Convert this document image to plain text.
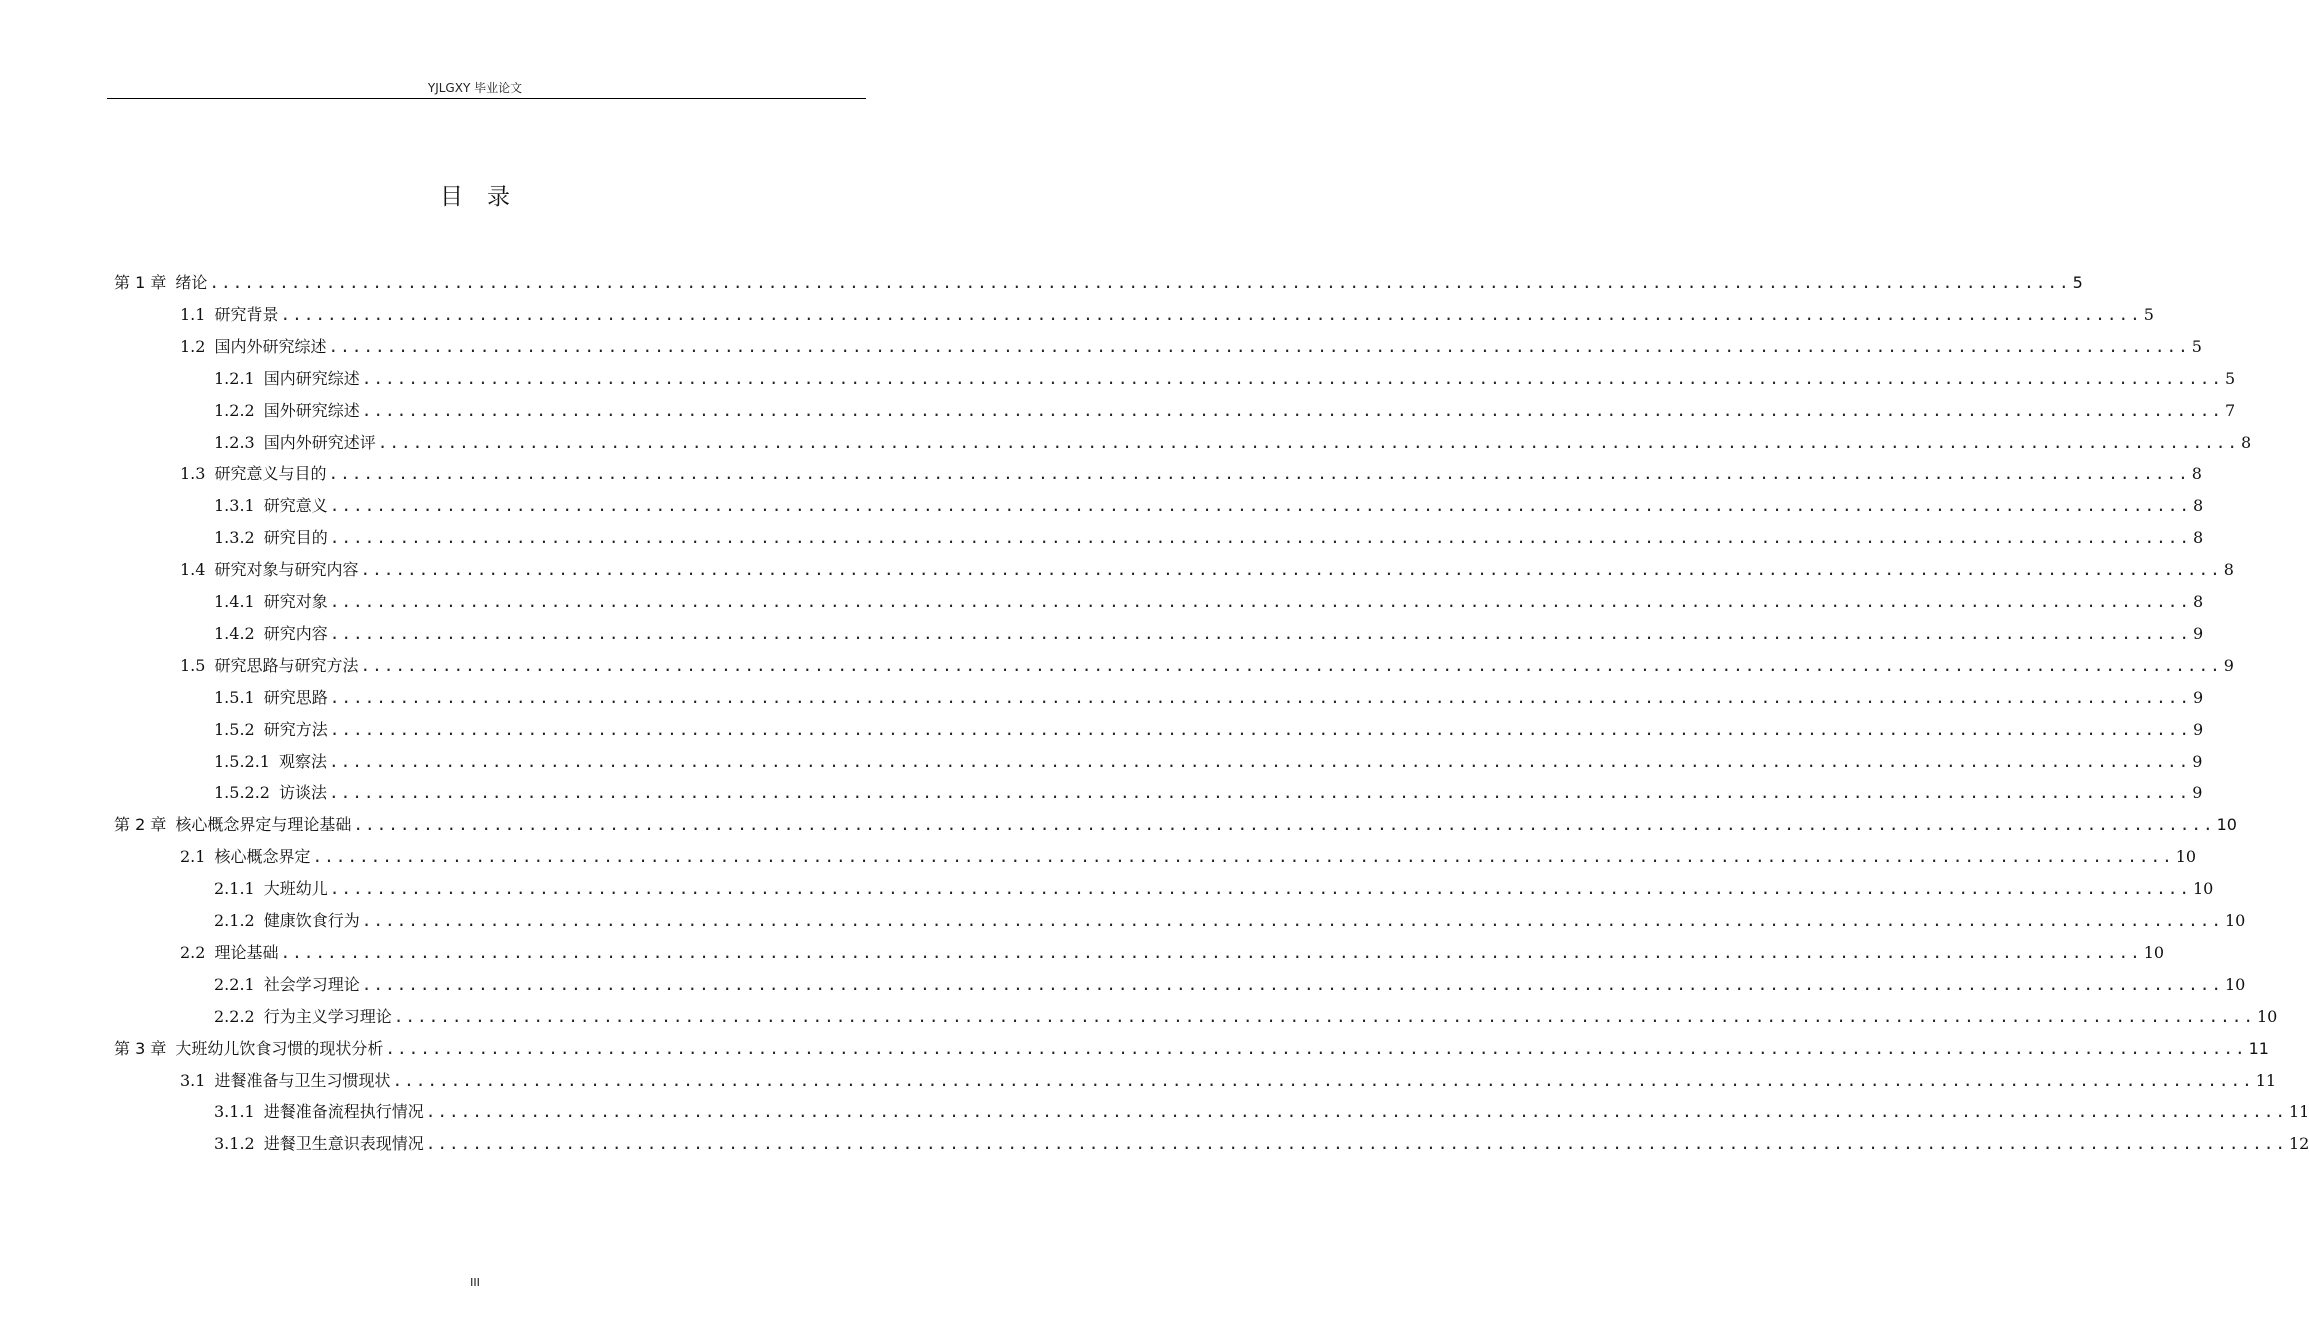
YJLGXY 毕业论文
目录
第 1 章 绪论 ................................................................................................................................................................ 5
1.1 研究背景 ................................................................................................................................................................ 5
1.2 国内外研究综述 ................................................................................................................................................................ 5
1.2.1 国内研究综述 ................................................................................................................................................................ 5
1.2.2 国外研究综述 ................................................................................................................................................................ 7
1.2.3 国内外研究述评 ................................................................................................................................................................ 8
1.3 研究意义与目的 ................................................................................................................................................................ 8
1.3.1 研究意义 ................................................................................................................................................................ 8
1.3.2 研究目的 ................................................................................................................................................................ 8
1.4 研究对象与研究内容 ................................................................................................................................................................ 8
1.4.1 研究对象 ................................................................................................................................................................ 8
1.4.2 研究内容 ................................................................................................................................................................ 9
1.5 研究思路与研究方法 ................................................................................................................................................................ 9
1.5.1 研究思路 ................................................................................................................................................................ 9
1.5.2 研究方法 ................................................................................................................................................................ 9
1.5.2.1 观察法 ................................................................................................................................................................ 9
1.5.2.2 访谈法 ................................................................................................................................................................ 9
第 2 章 核心概念界定与理论基础 ................................................................................................................................................................ 10
2.1 核心概念界定 ................................................................................................................................................................ 10
2.1.1 大班幼儿 ................................................................................................................................................................ 10
2.1.2 健康饮食行为 ................................................................................................................................................................ 10
2.2 理论基础 ................................................................................................................................................................ 10
2.2.1 社会学习理论 ................................................................................................................................................................ 10
2.2.2 行为主义学习理论 ................................................................................................................................................................ 10
第 3 章 大班幼儿饮食习惯的现状分析 ................................................................................................................................................................ 11
3.1 进餐准备与卫生习惯现状 ................................................................................................................................................................ 11
3.1.1 进餐准备流程执行情况 ................................................................................................................................................................ 11
3.1.2 进餐卫生意识表现情况 ................................................................................................................................................................ 12
III
